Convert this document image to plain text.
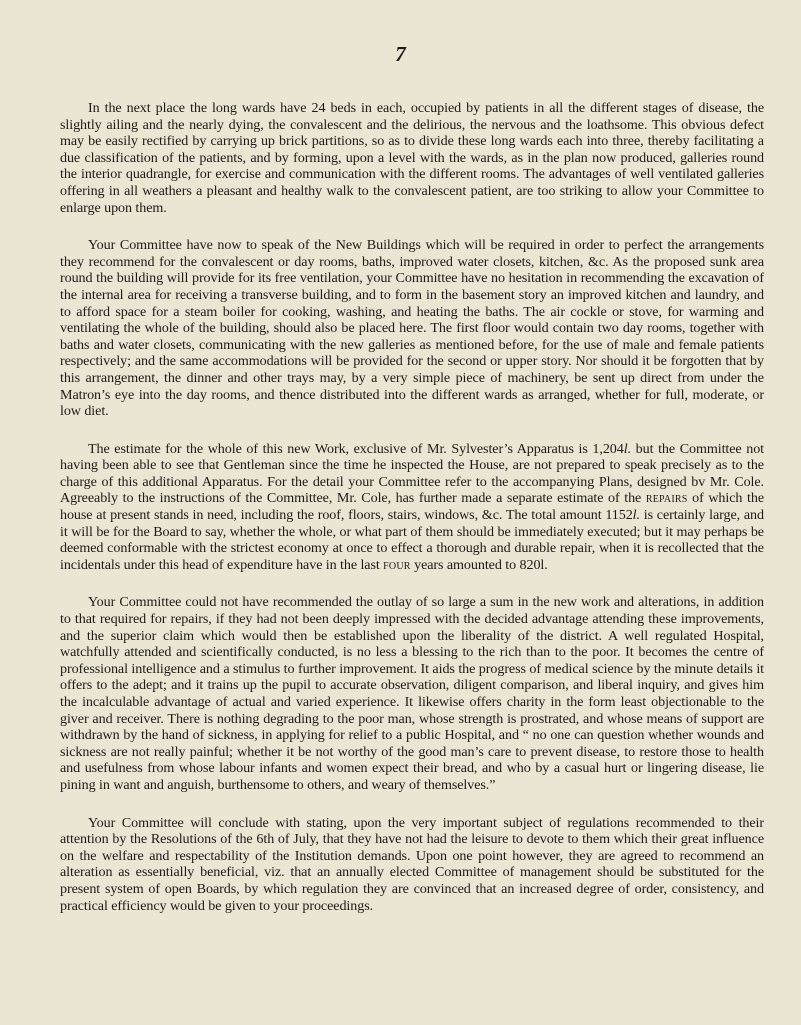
7

In the next place the long wards have 24 beds in each, occupied by patients in all the different stages of disease, the slightly ailing and the nearly dying, the convalescent and the delirious, the nervous and the loathsome. This obvious defect may be easily rectified by carrying up brick partitions, so as to divide these long wards each into three, thereby facilitating a due classification of the patients, and by forming, upon a level with the wards, as in the plan now produced, galleries round the interior quadrangle, for exercise and communication with the different rooms. The advantages of well ventilated galleries offering in all weathers a pleasant and healthy walk to the convalescent patient, are too striking to allow your Committee to enlarge upon them.

Your Committee have now to speak of the New Buildings which will be required in order to perfect the arrangements they recommend for the convalescent or day rooms, baths, improved water closets, kitchen, &c. As the proposed sunk area round the building will provide for its free ventilation, your Committee have no hesitation in recommending the excavation of the internal area for receiving a transverse building, and to form in the basement story an improved kitchen and laundry, and to afford space for a steam boiler for cooking, washing, and heating the baths. The air cockle or stove, for warming and ventilating the whole of the building, should also be placed here. The first floor would contain two day rooms, together with baths and water closets, communicating with the new galleries as mentioned before, for the use of male and female patients respectively; and the same accommodations will be provided for the second or upper story. Nor should it be forgotten that by this arrangement, the dinner and other trays may, by a very simple piece of machinery, be sent up direct from under the Matron’s eye into the day rooms, and thence distributed into the different wards as arranged, whether for full, moderate, or low diet.

The estimate for the whole of this new Work, exclusive of Mr. Sylvester’s Apparatus is 1,204l. but the Committee not having been able to see that Gentleman since the time he inspected the House, are not prepared to speak precisely as to the charge of this additional Apparatus. For the detail your Committee refer to the accompanying Plans, designed bv Mr. Cole. Agreeably to the instructions of the Committee, Mr. Cole, has further made a separate estimate of the repairs of which the house at present stands in need, including the roof, floors, stairs, windows, &c. The total amount 1152l. is certainly large, and it will be for the Board to say, whether the whole, or what part of them should be immediately executed; but it may perhaps be deemed conformable with the strictest economy at once to effect a thorough and durable repair, when it is recollected that the incidentals under this head of expenditure have in the last four years amounted to 820l.

Your Committee could not have recommended the outlay of so large a sum in the new work and alterations, in addition to that required for repairs, if they had not been deeply impressed with the decided advantage attending these improvements, and the superior claim which would then be established upon the liberality of the district. A well regulated Hospital, watchfully attended and scientifically conducted, is no less a blessing to the rich than to the poor. It becomes the centre of professional intelligence and a stimulus to further improvement. It aids the progress of medical science by the minute details it offers to the adept; and it trains up the pupil to accurate observation, diligent comparison, and liberal inquiry, and gives him the incalculable advantage of actual and varied experience. It likewise offers charity in the form least objectionable to the giver and receiver. There is nothing degrading to the poor man, whose strength is prostrated, and whose means of support are withdrawn by the hand of sickness, in applying for relief to a public Hospital, and “ no one can question whether wounds and sickness are not really painful; whether it be not worthy of the good man’s care to prevent disease, to restore those to health and usefulness from whose labour infants and women expect their bread, and who by a casual hurt or lingering disease, lie pining in want and anguish, burthensome to others, and weary of themselves.”

Your Committee will conclude with stating, upon the very important subject of regulations recommended to their attention by the Resolutions of the 6th of July, that they have not had the leisure to devote to them which their great influence on the welfare and respectability of the Institution demands. Upon one point however, they are agreed to recommend an alteration as essentially beneficial, viz. that an annually elected Committee of management should be substituted for the present system of open Boards, by which regulation they are convinced that an increased degree of order, consistency, and practical efficiency would be given to your proceedings.
